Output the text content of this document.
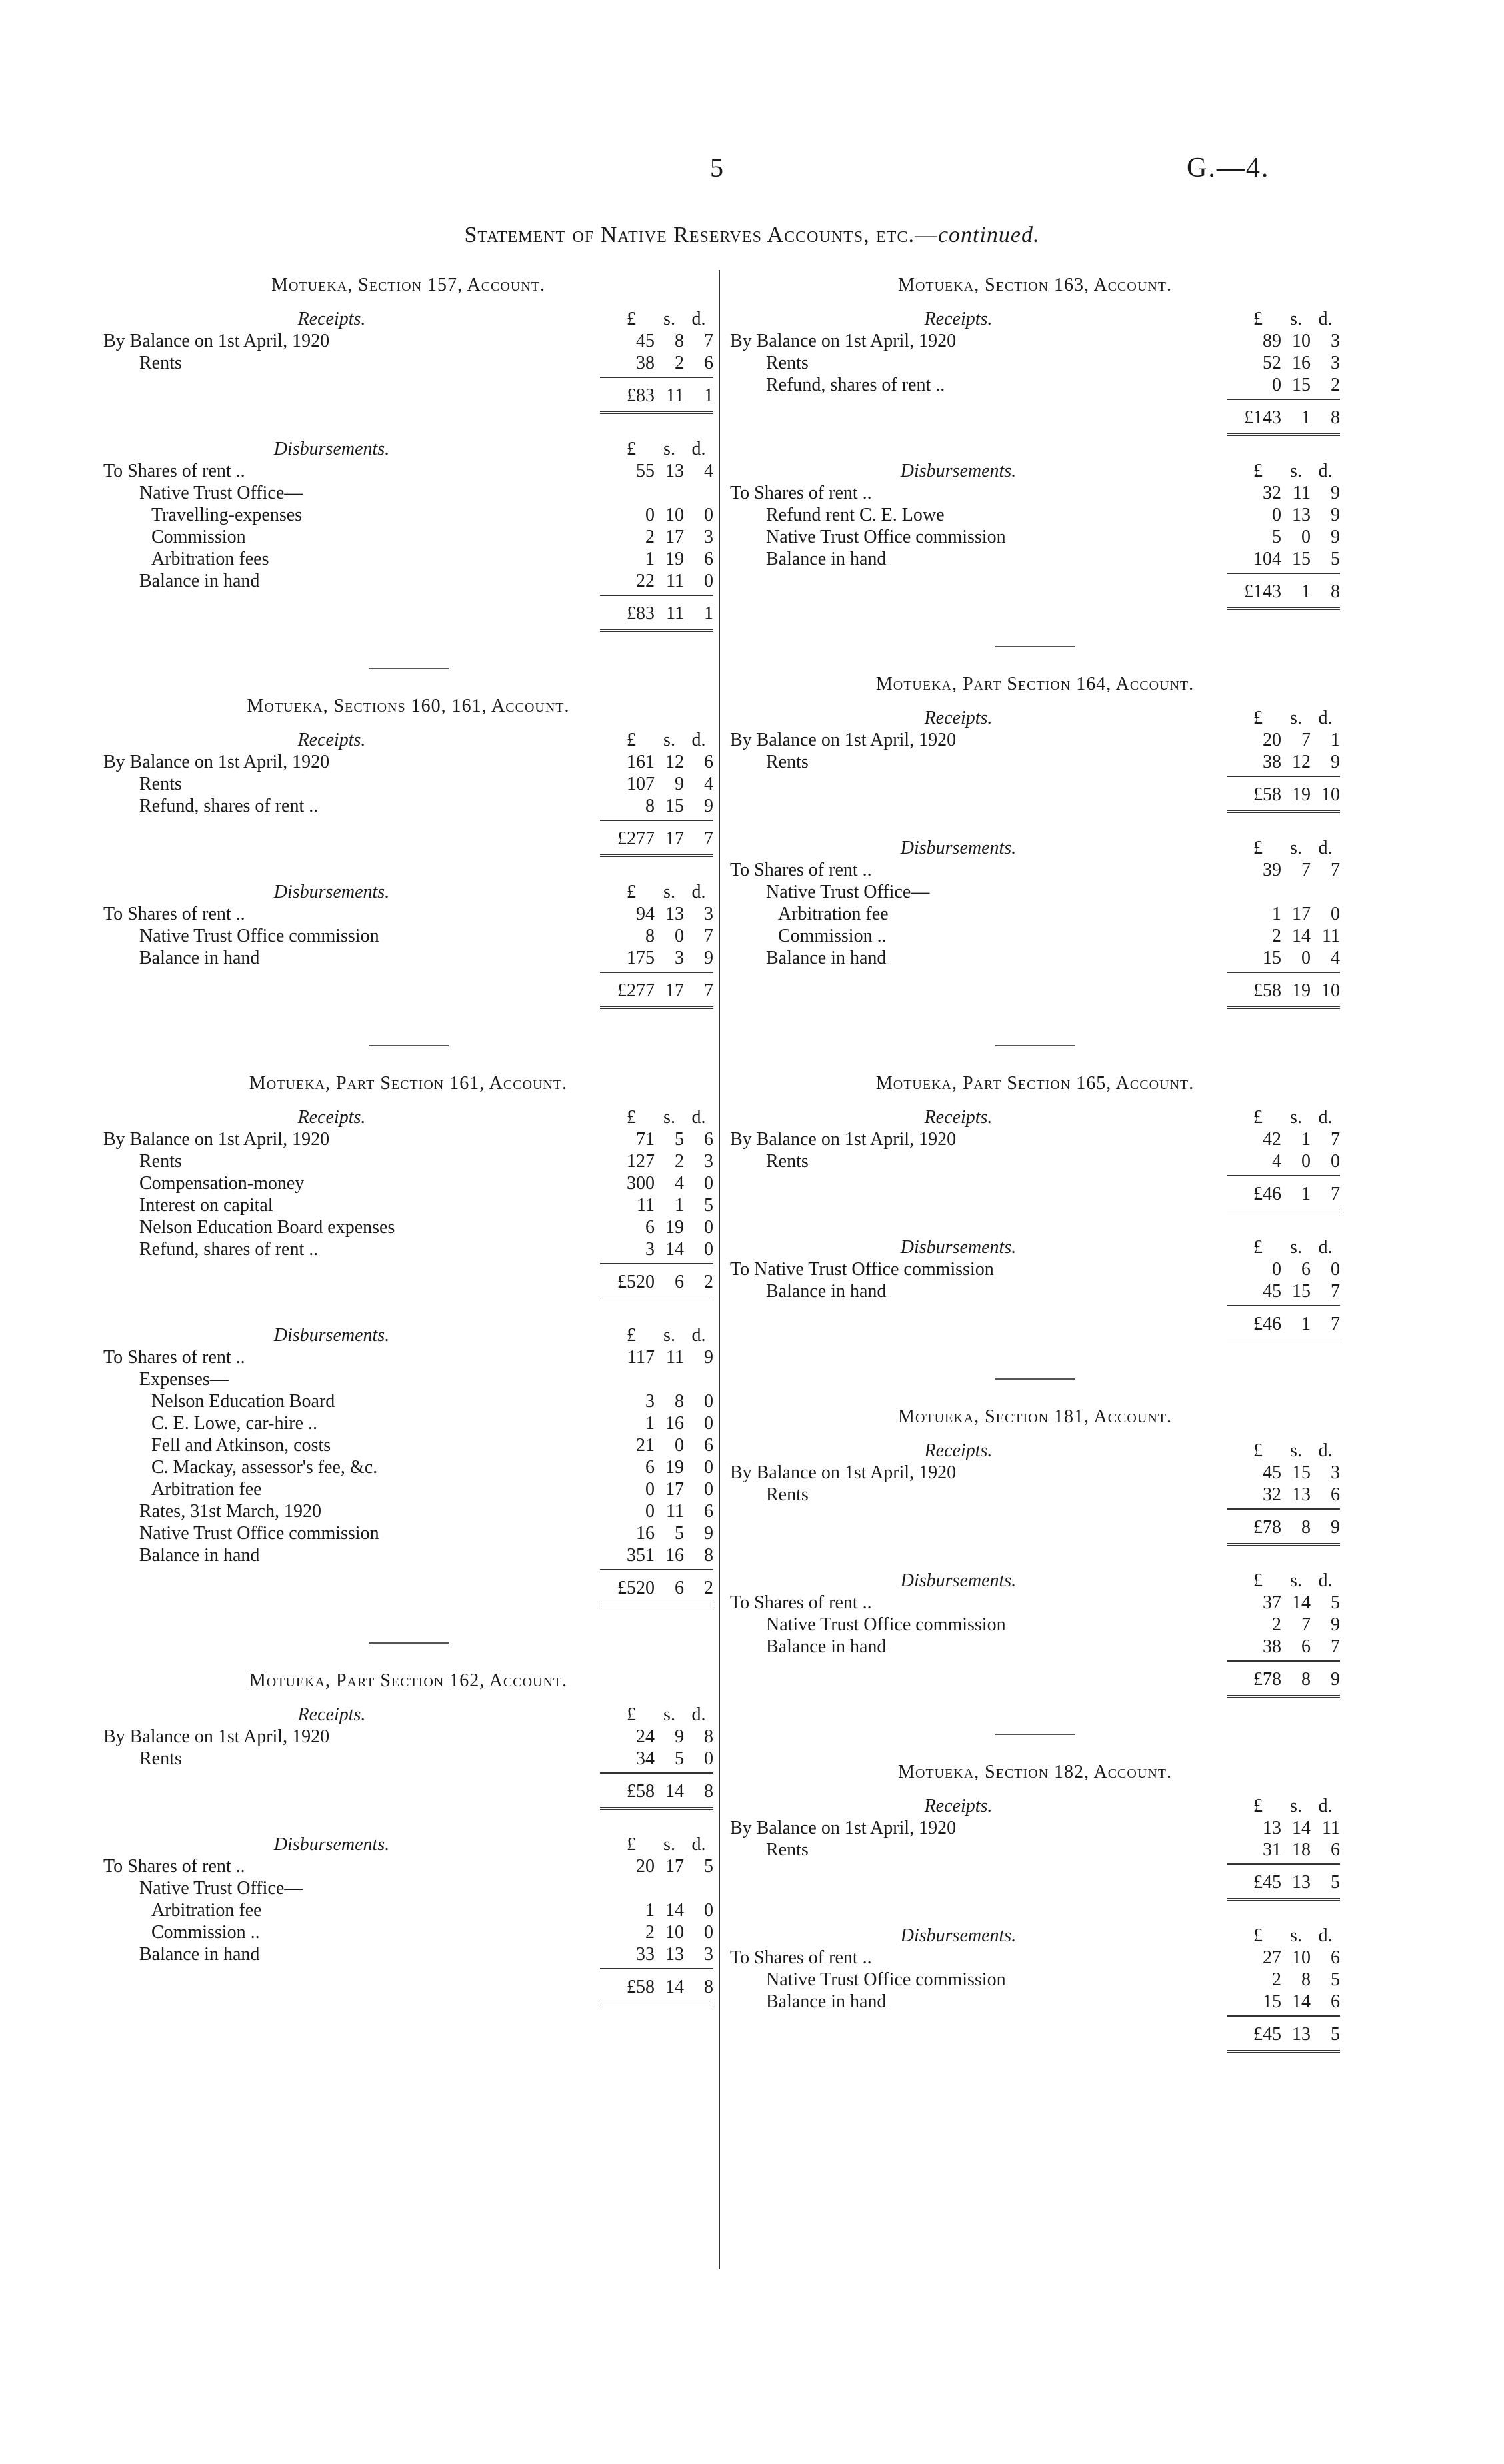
5	G.—4.
Statement of Native Reserves Accounts, etc.—continued.
Motueka, Section 157, Account.
Receipts.	£	s. d.
By Balance on 1st April, 1920	45	8	7
Rents	38	2	6
£83 11	1
Disbursements.	£	s. d.
To Shares of rent ..	55 13	4
Native Trust Office—
Travelling-expenses	0 10	0
Commission	2 17	3
Arbitration fees	1 19	6
Balance in hand	22 11	0
£83 11	1
Motueka, Sections 160, 161, Account.
Receipts.	£	s. d.
By Balance on 1st April, 1920	161 12	6
Rents	107	9	4
Refund, shares of rent ..	8 15	9
£277 17	7
Disbursements.	£	s. d.
To Shares of rent ..	94 13	3
Native Trust Office commission	8	0	7
Balance in hand	175	3	9
£277 17	7
Motueka, Part Section 161, Account.
Receipts.	£	s. d.
By Balance on 1st April, 1920	71	5	6
Rents	127	2	3
Compensation-money	300	4	0
Interest on capital	11	1	5
Nelson Education Board expenses	6 19	0
Refund, shares of rent ..	3 14	0
£520	6	2
Disbursements.	£	s. d.
To Shares of rent ..	117 11	9
Expenses—
Nelson Education Board	3	8	0
C. E. Lowe, car-hire ..	1 16	0
Fell and Atkinson, costs	21	0	6
C. Mackay, assessor's fee, &c.	6 19	0
Arbitration fee	0 17	0
Rates, 31st March, 1920	0 11	6
Native Trust Office commission	16	5	9
Balance in hand	351 16	8
£520	6	2
Motueka, Part Section 162, Account.
Receipts.	£	s. d.
By Balance on 1st April, 1920	24	9	8
Rents	34	5	0
£58 14	8
Disbursements.	£	s. d.
To Shares of rent ..	20 17	5
Native Trust Office—
Arbitration fee	1 14	0
Commission ..	2 10	0
Balance in hand	33 13	3
£58 14	8
Motueka, Section 163, Account.
Receipts.	£	s. d.
By Balance on 1st April, 1920	89 10	3
Rents	52 16	3
Refund, shares of rent ..	0 15	2
£143	1	8
Disbursements.	£	s. d.
To Shares of rent ..	32 11	9
Refund rent C. E. Lowe	0 13	9
Native Trust Office commission	5	0	9
Balance in hand	104 15	5
£143	1	8
Motueka, Part Section 164, Account.
Receipts.	£	s. d.
By Balance on 1st April, 1920	20	7	1
Rents	38 12	9
£58 19 10
Disbursements.	£	s. d.
To Shares of rent ..	39	7	7
Native Trust Office—
Arbitration fee	1 17	0
Commission ..	2 14 11
Balance in hand	15	0	4
£58 19 10
Motueka, Part Section 165, Account.
Receipts.	£	s. d.
By Balance on 1st April, 1920	42	1	7
Rents	4	0	0
£46	1	7
Disbursements.	£	s. d.
To Native Trust Office commission	0	6	0
Balance in hand	45 15	7
£46	1	7
Motueka, Section 181, Account.
Receipts.	£	s. d.
By Balance on 1st April, 1920	45 15	3
Rents	32 13	6
£78	8	9
Disbursements.	£	s. d.
To Shares of rent ..	37 14	5
Native Trust Office commission	2	7	9
Balance in hand	38	6	7
£78	8	9
Motueka, Section 182, Account.
Receipts.	£	s. d.
By Balance on 1st April, 1920	13 14 11
Rents	31 18	6
£45 13	5
Disbursements.	£	s. d.
To Shares of rent ..	27 10	6
Native Trust Office commission	2	8	5
Balance in hand	15 14	6
£45 13	5
